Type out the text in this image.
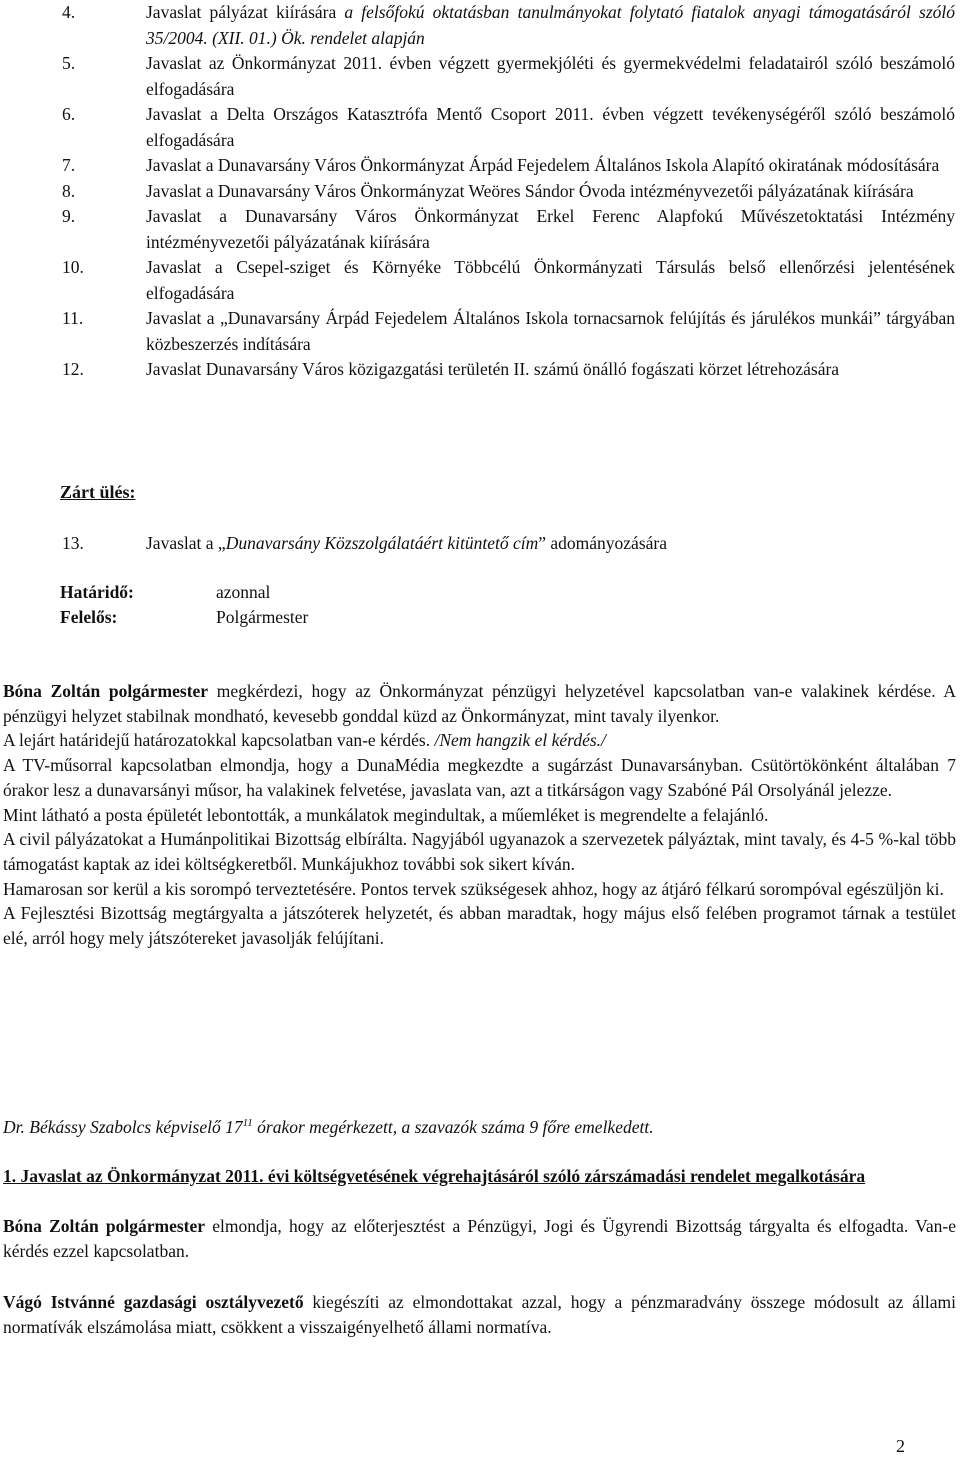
4.	Javaslat pályázat kiírására a felsőfokú oktatásban tanulmányokat folytató fiatalok anyagi támogatásáról szóló 35/2004. (XII. 01.) Ök. rendelet alapján
5.	Javaslat az Önkormányzat 2011. évben végzett gyermekjóléti és gyermekvédelmi feladatairól szóló beszámoló elfogadására
6.	Javaslat a Delta Országos Katasztrófa Mentő Csoport 2011. évben végzett tevékenységéről szóló beszámoló elfogadására
7.	Javaslat a Dunavarsány Város Önkormányzat Árpád Fejedelem Általános Iskola Alapító okiratának módosítására
8.	Javaslat a Dunavarsány Város Önkormányzat Weöres Sándor Óvoda intézményvezetői pályázatának kiírására
9.	Javaslat a Dunavarsány Város Önkormányzat Erkel Ferenc Alapfokú Művészetoktatási Intézmény intézményvezetői pályázatának kiírására
10.	Javaslat a Csepel-sziget és Környéke Többcélú Önkormányzati Társulás belső ellenőrzési jelentésének elfogadására
11.	Javaslat a „Dunavarsány Árpád Fejedelem Általános Iskola tornacsarnok felújítás és járulékos munkái” tárgyában közbeszerzés indítására
12.	Javaslat Dunavarsány Város közigazgatási területén II. számú önálló fogászati körzet létrehozására
Zárt ülés:
13.	Javaslat a „Dunavarsány Közszolgálatáért kitüntető cím” adományozására
Határidő:	azonnal
Felelős:	Polgármester

Bóna Zoltán polgármester megkérdezi, hogy az Önkormányzat pénzügyi helyzetével kapcsolatban van-e valakinek kérdése. A pénzügyi helyzet stabilnak mondható, kevesebb gonddal küzd az Önkormányzat, mint tavaly ilyenkor.

A lejárt határidejű határozatokkal kapcsolatban van-e kérdés. /Nem hangzik el kérdés./

A TV-műsorral kapcsolatban elmondja, hogy a DunaMédia megkezdte a sugárzást Dunavarsányban. Csütörtökönként általában 7 órakor lesz a dunavarsányi műsor, ha valakinek felvetése, javaslata van, azt a titkárságon vagy Szabóné Pál Orsolyánál jelezze.

Mint látható a posta épületét lebontották, a munkálatok megindultak, a műemléket is megrendelte a felajánló.

A civil pályázatokat a Humánpolitikai Bizottság elbírálta. Nagyjából ugyanazok a szervezetek pályáztak, mint tavaly, és 4-5 %-kal több támogatást kaptak az idei költségkeretből. Munkájukhoz további sok sikert kíván.

Hamarosan sor kerül a kis sorompó terveztetésére. Pontos tervek szükségesek ahhoz, hogy az átjáró félkarú sorompóval egészüljön ki.

A Fejlesztési Bizottság megtárgyalta a játszóterek helyzetét, és abban maradtak, hogy május első felében programot tárnak a testület elé, arról hogy mely játszótereket javasolják felújítani.

Dr. Békássy Szabolcs képviselő $17^{11}$ órakor megérkezett, a szavazók száma 9 főre emelkedett.
1. Javaslat az Önkormányzat 2011. évi költségvetésének végrehajtásáról szóló zárszámadási rendelet megalkotására
Bóna Zoltán polgármester elmondja, hogy az előterjesztést a Pénzügyi, Jogi és Ügyrendi Bizottság tárgyalta és elfogadta. Van-e kérdés ezzel kapcsolatban.
Vágó Istvánné gazdasági osztályvezető kiegészíti az elmondottakat azzal, hogy a pénzmaradvány összege módosult az állami normatívák elszámolása miatt, csökkent a visszaigényelhető állami normatíva.
2
